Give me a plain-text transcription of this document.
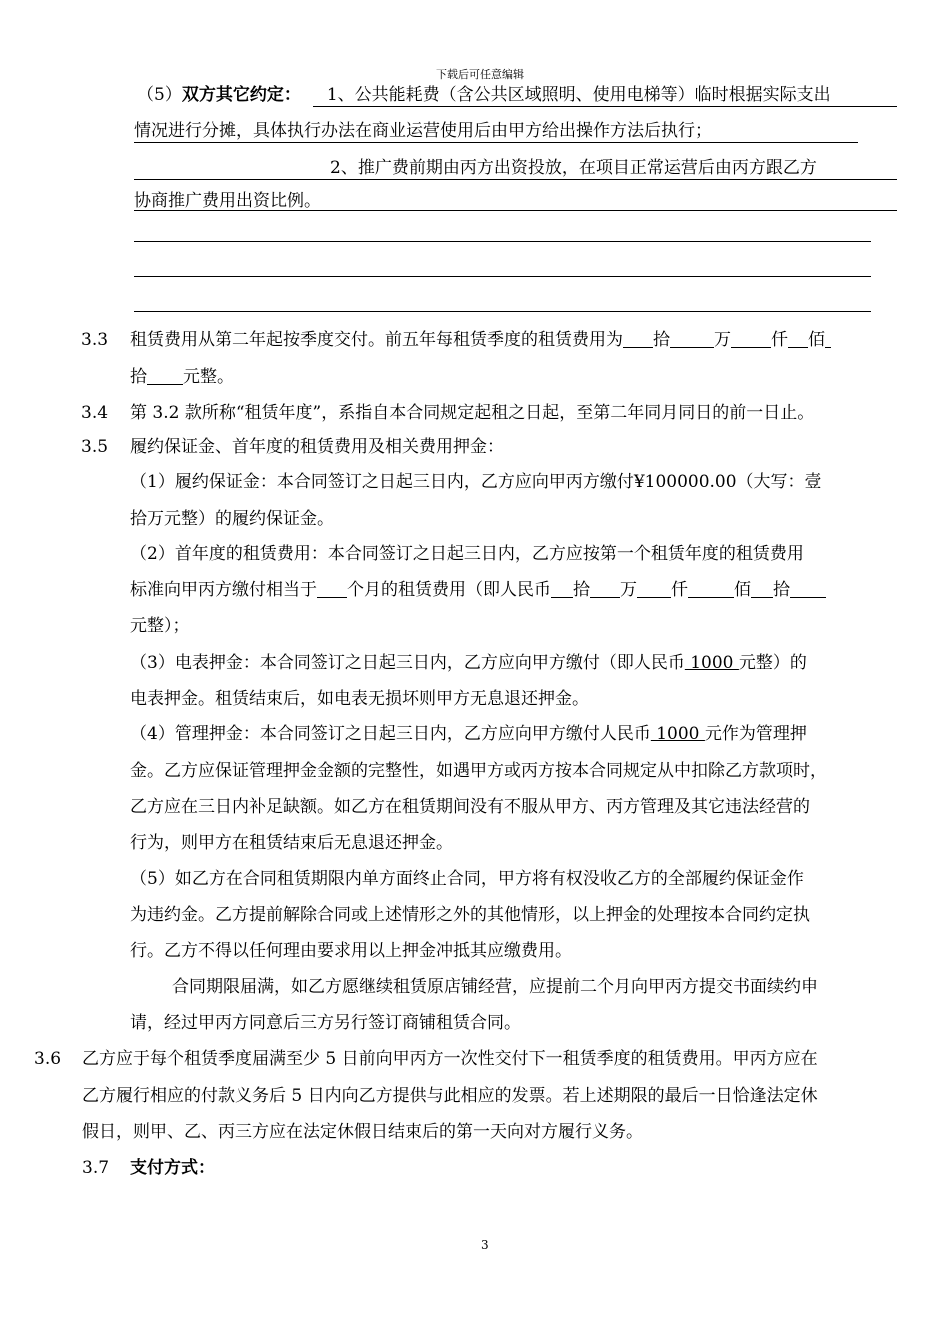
下载后可任意编辑
（5）双方其它约定： 1、公共能耗费（含公共区域照明、使用电梯等）临时根据实际支出
情况进行分摊，具体执行办法在商业运营使用后由甲方给出操作方法后执行；
2、推广费前期由丙方出资投放，在项目正常运营后由丙方跟乙方
协商推广费用出资比例。
3.3 租赁费用从第二年起按季度交付。前五年每租赁季度的租赁费用为 拾	万 仟 佰
拾 元整。
3.4 第 3.2 款所称“租赁年度”，系指自本合同规定起租之日起，至第二年同月同日的前一日止。
3.5 履约保证金、首年度的租赁费用及相关费用押金：
（1）履约保证金：本合同签订之日起三日内，乙方应向甲丙方缴付¥100000.00（大写：壹
拾万元整）的履约保证金。
（2）首年度的租赁费用：本合同签订之日起三日内，乙方应按第一个租赁年度的租赁费用
标准向甲丙方缴付相当于 个月的租赁费用（即人民币 拾 万 仟	佰 拾
元整）；
（3）电表押金：本合同签订之日起三日内，乙方应向甲方缴付（即人民币 1000 元整）的
电表押金。租赁结束后，如电表无损坏则甲方无息退还押金。
（4）管理押金：本合同签订之日起三日内，乙方应向甲方缴付人民币 1000 元作为管理押
金。乙方应保证管理押金金额的完整性，如遇甲方或丙方按本合同规定从中扣除乙方款项时，
乙方应在三日内补足缺额。如乙方在租赁期间没有不服从甲方、丙方管理及其它违法经营的
行为，则甲方在租赁结束后无息退还押金。
（5）如乙方在合同租赁期限内单方面终止合同，甲方将有权没收乙方的全部履约保证金作
为违约金。乙方提前解除合同或上述情形之外的其他情形，以上押金的处理按本合同约定执
行。乙方不得以任何理由要求用以上押金冲抵其应缴费用。
合同期限届满，如乙方愿继续租赁原店铺经营，应提前二个月向甲丙方提交书面续约申
请，经过甲丙方同意后三方另行签订商铺租赁合同。
3.6 乙方应于每个租赁季度届满至少 5 日前向甲丙方一次性交付下一租赁季度的租赁费用。甲丙方应在
乙方履行相应的付款义务后 5 日内向乙方提供与此相应的发票。若上述期限的最后一日恰逢法定休
假日，则甲、乙、丙三方应在法定休假日结束后的第一天向对方履行义务。
3.7 支付方式：
3
